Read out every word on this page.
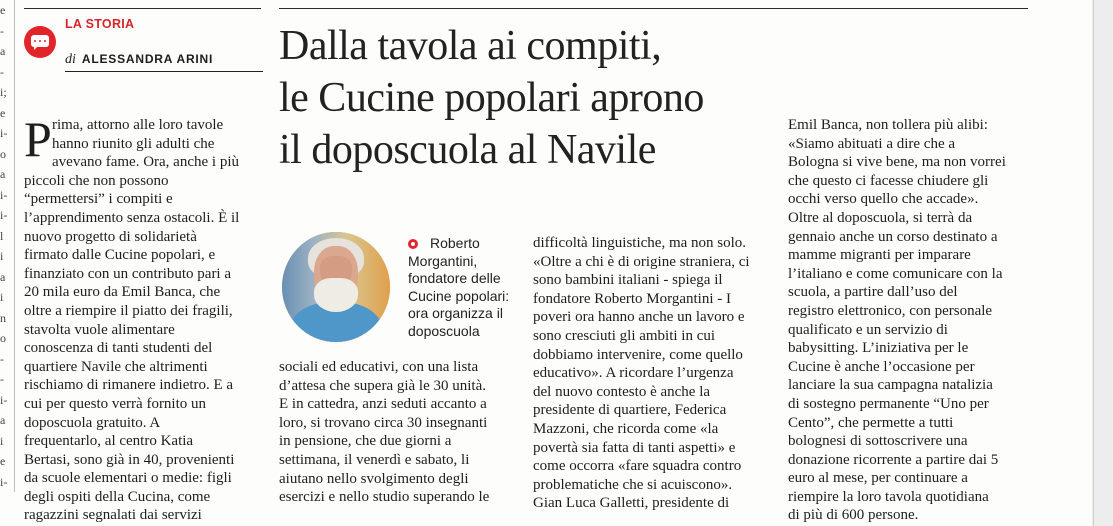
e
-
a
-
i;
e
i-
o
a
i-
i-
l
i
a
i
n
o
-
-
i-
a
i
e
i-
LA STORIA
di ALESSANDRA ARINI Dalla tavola ai compiti,
le Cucine popolari aprono
il doposcuola al Navile
P rima, attorno alle loro tavole
hanno riunito gli adulti che
avevano fame. Ora, anche i più
piccoli che non possono
“permettersi” i compiti e
l’apprendimento senza ostacoli. È il
nuovo progetto di solidarietà
firmato dalle Cucine popolari, e
finanziato con un contributo pari a
20 mila euro da Emil Banca, che
oltre a riempire il piatto dei fragili,
stavolta vuole alimentare
conoscenza di tanti studenti del
quartiere Navile che altrimenti
rischiamo di rimanere indietro. E a
cui per questo verrà fornito un
doposcuola gratuito. A
frequentarlo, al centro Katia
Bertasi, sono già in 40, provenienti
da scuole elementari o medie: figli
degli ospiti della Cucina, come
ragazzini segnalati dai servizi
Roberto
Morgantini,
fondatore delle
Cucine popolari:
ora organizza il
doposcuola
sociali ed educativi, con una lista
d’attesa che supera già le 30 unità.
E in cattedra, anzi seduti accanto a
loro, si trovano circa 30 insegnanti
in pensione, che due giorni a
settimana, il venerdì e sabato, li
aiutano nello svolgimento degli
esercizi e nello studio superando le
difficoltà linguistiche, ma non solo.
«Oltre a chi è di origine straniera, ci
sono bambini italiani - spiega il
fondatore Roberto Morgantini - I
poveri ora hanno anche un lavoro e
sono cresciuti gli ambiti in cui
dobbiamo intervenire, come quello
educativo». A ricordare l’urgenza
del nuovo contesto è anche la
presidente di quartiere, Federica
Mazzoni, che ricorda come «la
povertà sia fatta di tanti aspetti» e
come occorra «fare squadra contro
problematiche che si acuiscono».
Gian Luca Galletti, presidente di
Emil Banca, non tollera più alibi:
«Siamo abituati a dire che a
Bologna si vive bene, ma non vorrei
che questo ci facesse chiudere gli
occhi verso quello che accade».
Oltre al doposcuola, si terrà da
gennaio anche un corso destinato a
mamme migranti per imparare
l’italiano e come comunicare con la
scuola, a partire dall’uso del
registro elettronico, con personale
qualificato e un servizio di
babysitting. L’iniziativa per le
Cucine è anche l’occasione per
lanciare la sua campagna natalizia
di sostegno permanente “Uno per
Cento”, che permette a tutti
bolognesi di sottoscrivere una
donazione ricorrente a partire dai 5
euro al mese, per continuare a
riempire la loro tavola quotidiana
di più di 600 persone.
